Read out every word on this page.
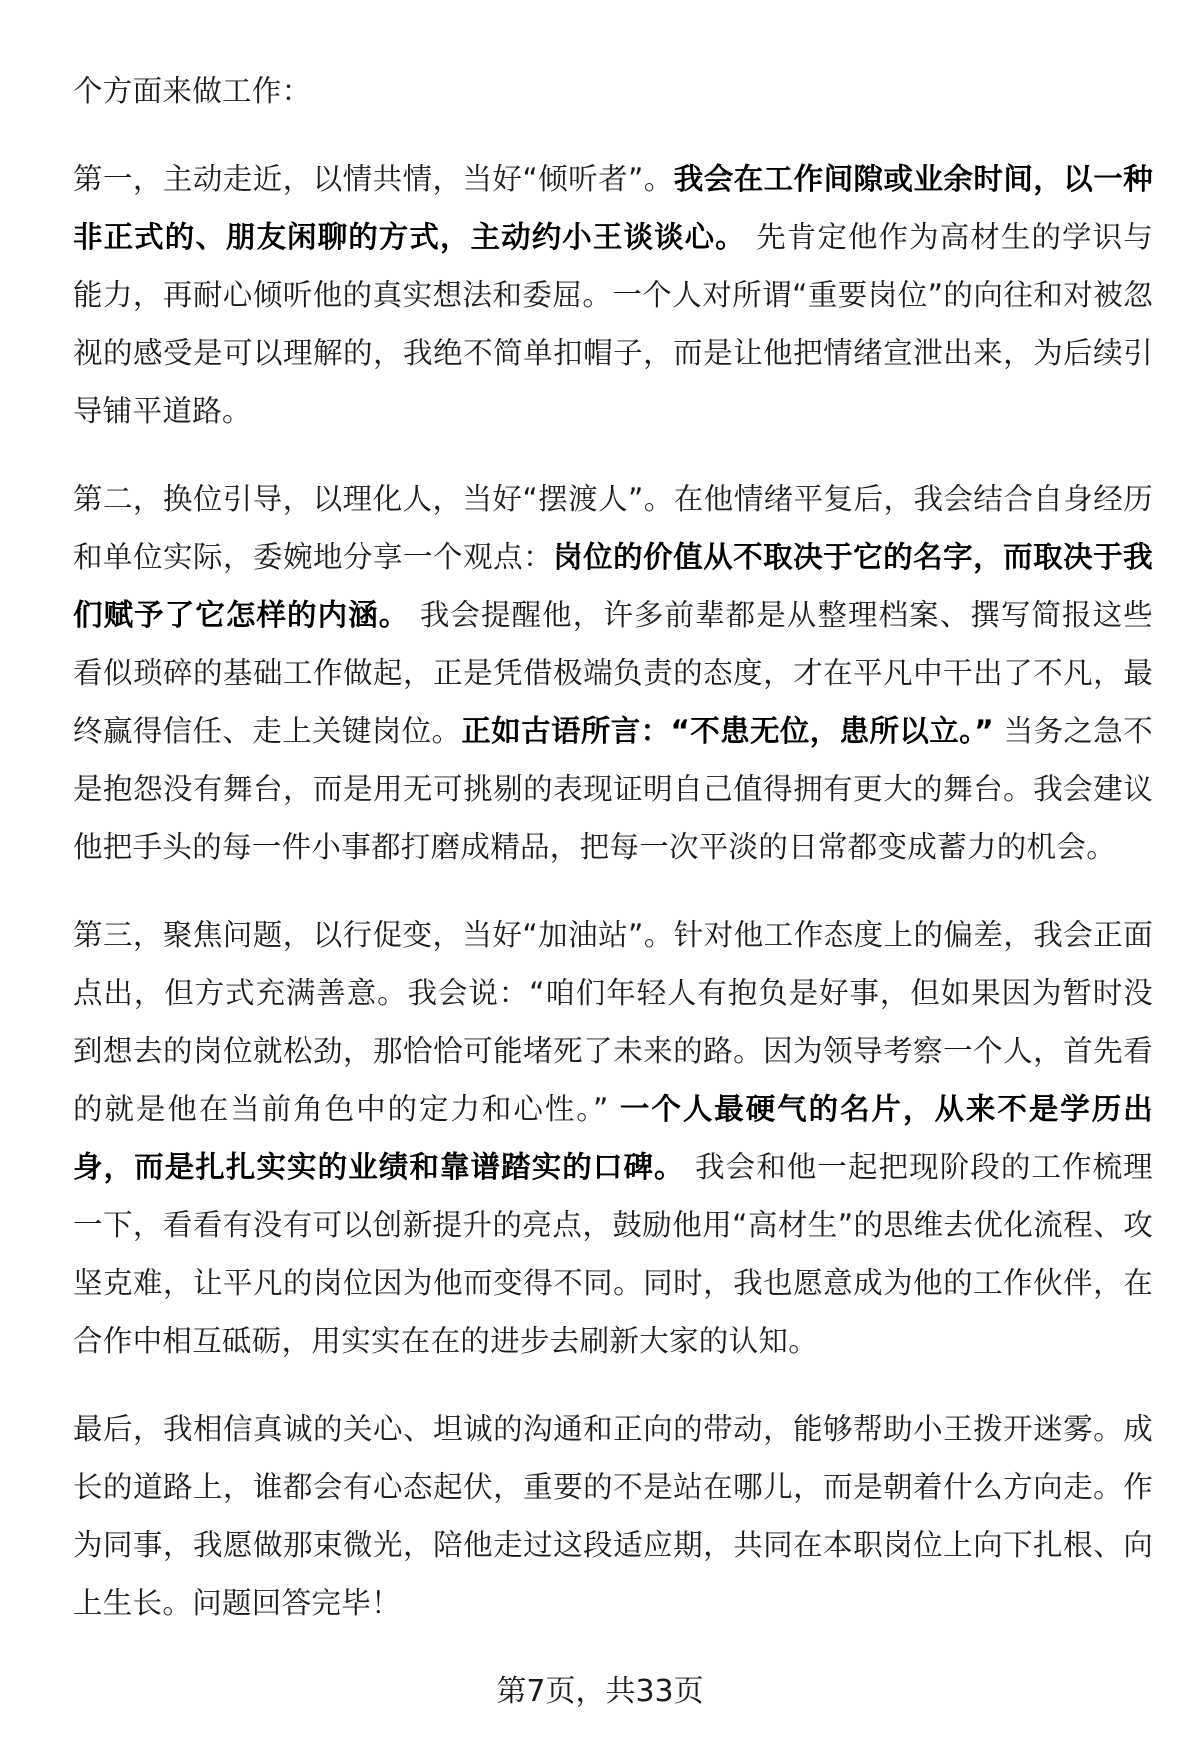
个方面来做工作：

第一，主动走近，以情共情，当好“倾听者”。我会在工作间隙或业余时间，以一种非正式的、朋友闲聊的方式，主动约小王谈谈心。 先肯定他作为高材生的学识与能力，再耐心倾听他的真实想法和委屈。一个人对所谓“重要岗位”的向往和对被忽视的感受是可以理解的，我绝不简单扣帽子，而是让他把情绪宣泄出来，为后续引导铺平道路。

第二，换位引导，以理化人，当好“摆渡人”。在他情绪平复后，我会结合自身经历和单位实际，委婉地分享一个观点：岗位的价值从不取决于它的名字，而取决于我们赋予了它怎样的内涵。 我会提醒他，许多前辈都是从整理档案、撰写简报这些看似琐碎的基础工作做起，正是凭借极端负责的态度，才在平凡中干出了不凡，最终赢得信任、走上关键岗位。正如古语所言：“不患无位，患所以立。” 当务之急不是抱怨没有舞台，而是用无可挑剔的表现证明自己值得拥有更大的舞台。我会建议他把手头的每一件小事都打磨成精品，把每一次平淡的日常都变成蓄力的机会。

第三，聚焦问题，以行促变，当好“加油站”。针对他工作态度上的偏差，我会正面点出，但方式充满善意。我会说：“咱们年轻人有抱负是好事，但如果因为暂时没到想去的岗位就松劲，那恰恰可能堵死了未来的路。因为领导考察一个人，首先看的就是他在当前角色中的定力和心性。” 一个人最硬气的名片，从来不是学历出身，而是扎扎实实的业绩和靠谱踏实的口碑。 我会和他一起把现阶段的工作梳理一下，看看有没有可以创新提升的亮点，鼓励他用“高材生”的思维去优化流程、攻坚克难，让平凡的岗位因为他而变得不同。同时，我也愿意成为他的工作伙伴，在合作中相互砥砺，用实实在在的进步去刷新大家的认知。

最后，我相信真诚的关心、坦诚的沟通和正向的带动，能够帮助小王拨开迷雾。成长的道路上，谁都会有心态起伏，重要的不是站在哪儿，而是朝着什么方向走。作为同事，我愿做那束微光，陪他走过这段适应期，共同在本职岗位上向下扎根、向上生长。问题回答完毕！

第7页，共33页
